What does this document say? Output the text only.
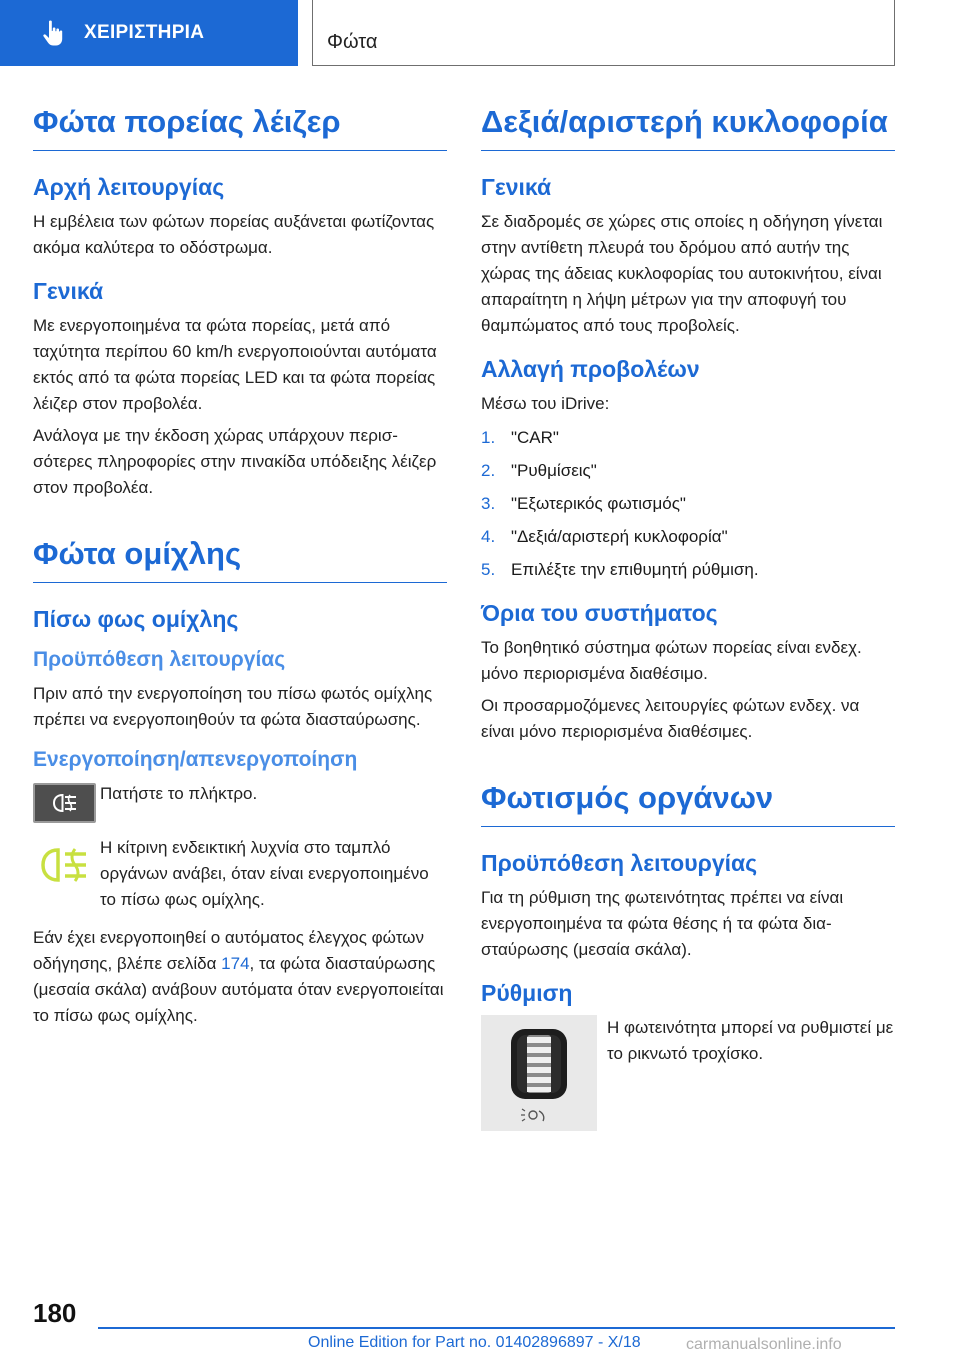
ΧΕΙΡΙΣΤΗΡΙΑ	Φώτα
Φώτα πορείας λέιζερ
Αρχή λειτουργίας

Η εμβέλεια των φώτων πορείας αυξάνεται φωτίζοντας ακόμα καλύτερα το οδόστρωμα.

Γενικά

Με ενεργοποιημένα τα φώτα πορείας, μετά από ταχύτητα περίπου 60 km/h ενεργοποιούνται αυτόματα εκτός από τα φώτα πορείας LED και τα φώτα πορείας λέιζερ στον προβολέα.

Ανάλογα με την έκδοση χώρας υπάρχουν περισσότερες πληροφορίες στην πινακίδα υπόδειξης λέιζερ στον προβολέα.

Φώτα ομίχλης
Πίσω φως ομίχλης
Προϋπόθεση λειτουργίας

Πριν από την ενεργοποίηση του πίσω φωτός ομίχλης πρέπει να ενεργοποιηθούν τα φώτα διασταύρωσης.

Ενεργοποίηση/απενεργοποίηση

Πατήστε το πλήκτρο.

Η κίτρινη ενδεικτική λυχνία στο ταμπλό οργάνων ανάβει, όταν είναι ενεργοποιημένο το πίσω φως ομίχλης.

Εάν έχει ενεργοποιηθεί ο αυτόματος έλεγχος φώτων οδήγησης, βλέπε σελίδα 174, τα φώτα διασταύρωσης (μεσαία σκάλα) ανάβουν αυτόματα όταν ενεργοποιείται το πίσω φως ομίχλης.

Δεξιά/αριστερή κυκλοφορία
Γενικά

Σε διαδρομές σε χώρες στις οποίες η οδήγηση γίνεται στην αντίθετη πλευρά του δρόμου από αυτήν της χώρας της άδειας κυκλοφορίας του αυτοκινήτου, είναι απαραίτητη η λήψη μέτρων για την αποφυγή του θαμπώματος από τους προβολείς.

Αλλαγή προβολέων

Μέσω του iDrive:

1. "CAR"
2. "Ρυθμίσεις"
3. "Εξωτερικός φωτισμός"
4. "Δεξιά/αριστερή κυκλοφορία"
5. Επιλέξτε την επιθυμητή ρύθμιση.
Όρια του συστήματος

Το βοηθητικό σύστημα φώτων πορείας είναι ενδεχ. μόνο περιορισμένα διαθέσιμο.

Οι προσαρμοζόμενες λειτουργίες φώτων ενδεχ. να είναι μόνο περιορισμένα διαθέσιμες.

Φωτισμός οργάνων
Προϋπόθεση λειτουργίας

Για τη ρύθμιση της φωτεινότητας πρέπει να είναι ενεργοποιημένα τα φώτα θέσης ή τα φώτα διασταύρωσης (μεσαία σκάλα).

Ρύθμιση

Η φωτεινότητα μπορεί να ρυθμιστεί με το ρικνωτό τροχίσκο.

180
Online Edition for Part no. 01402896897 - X/18	carmanualsonline.info
